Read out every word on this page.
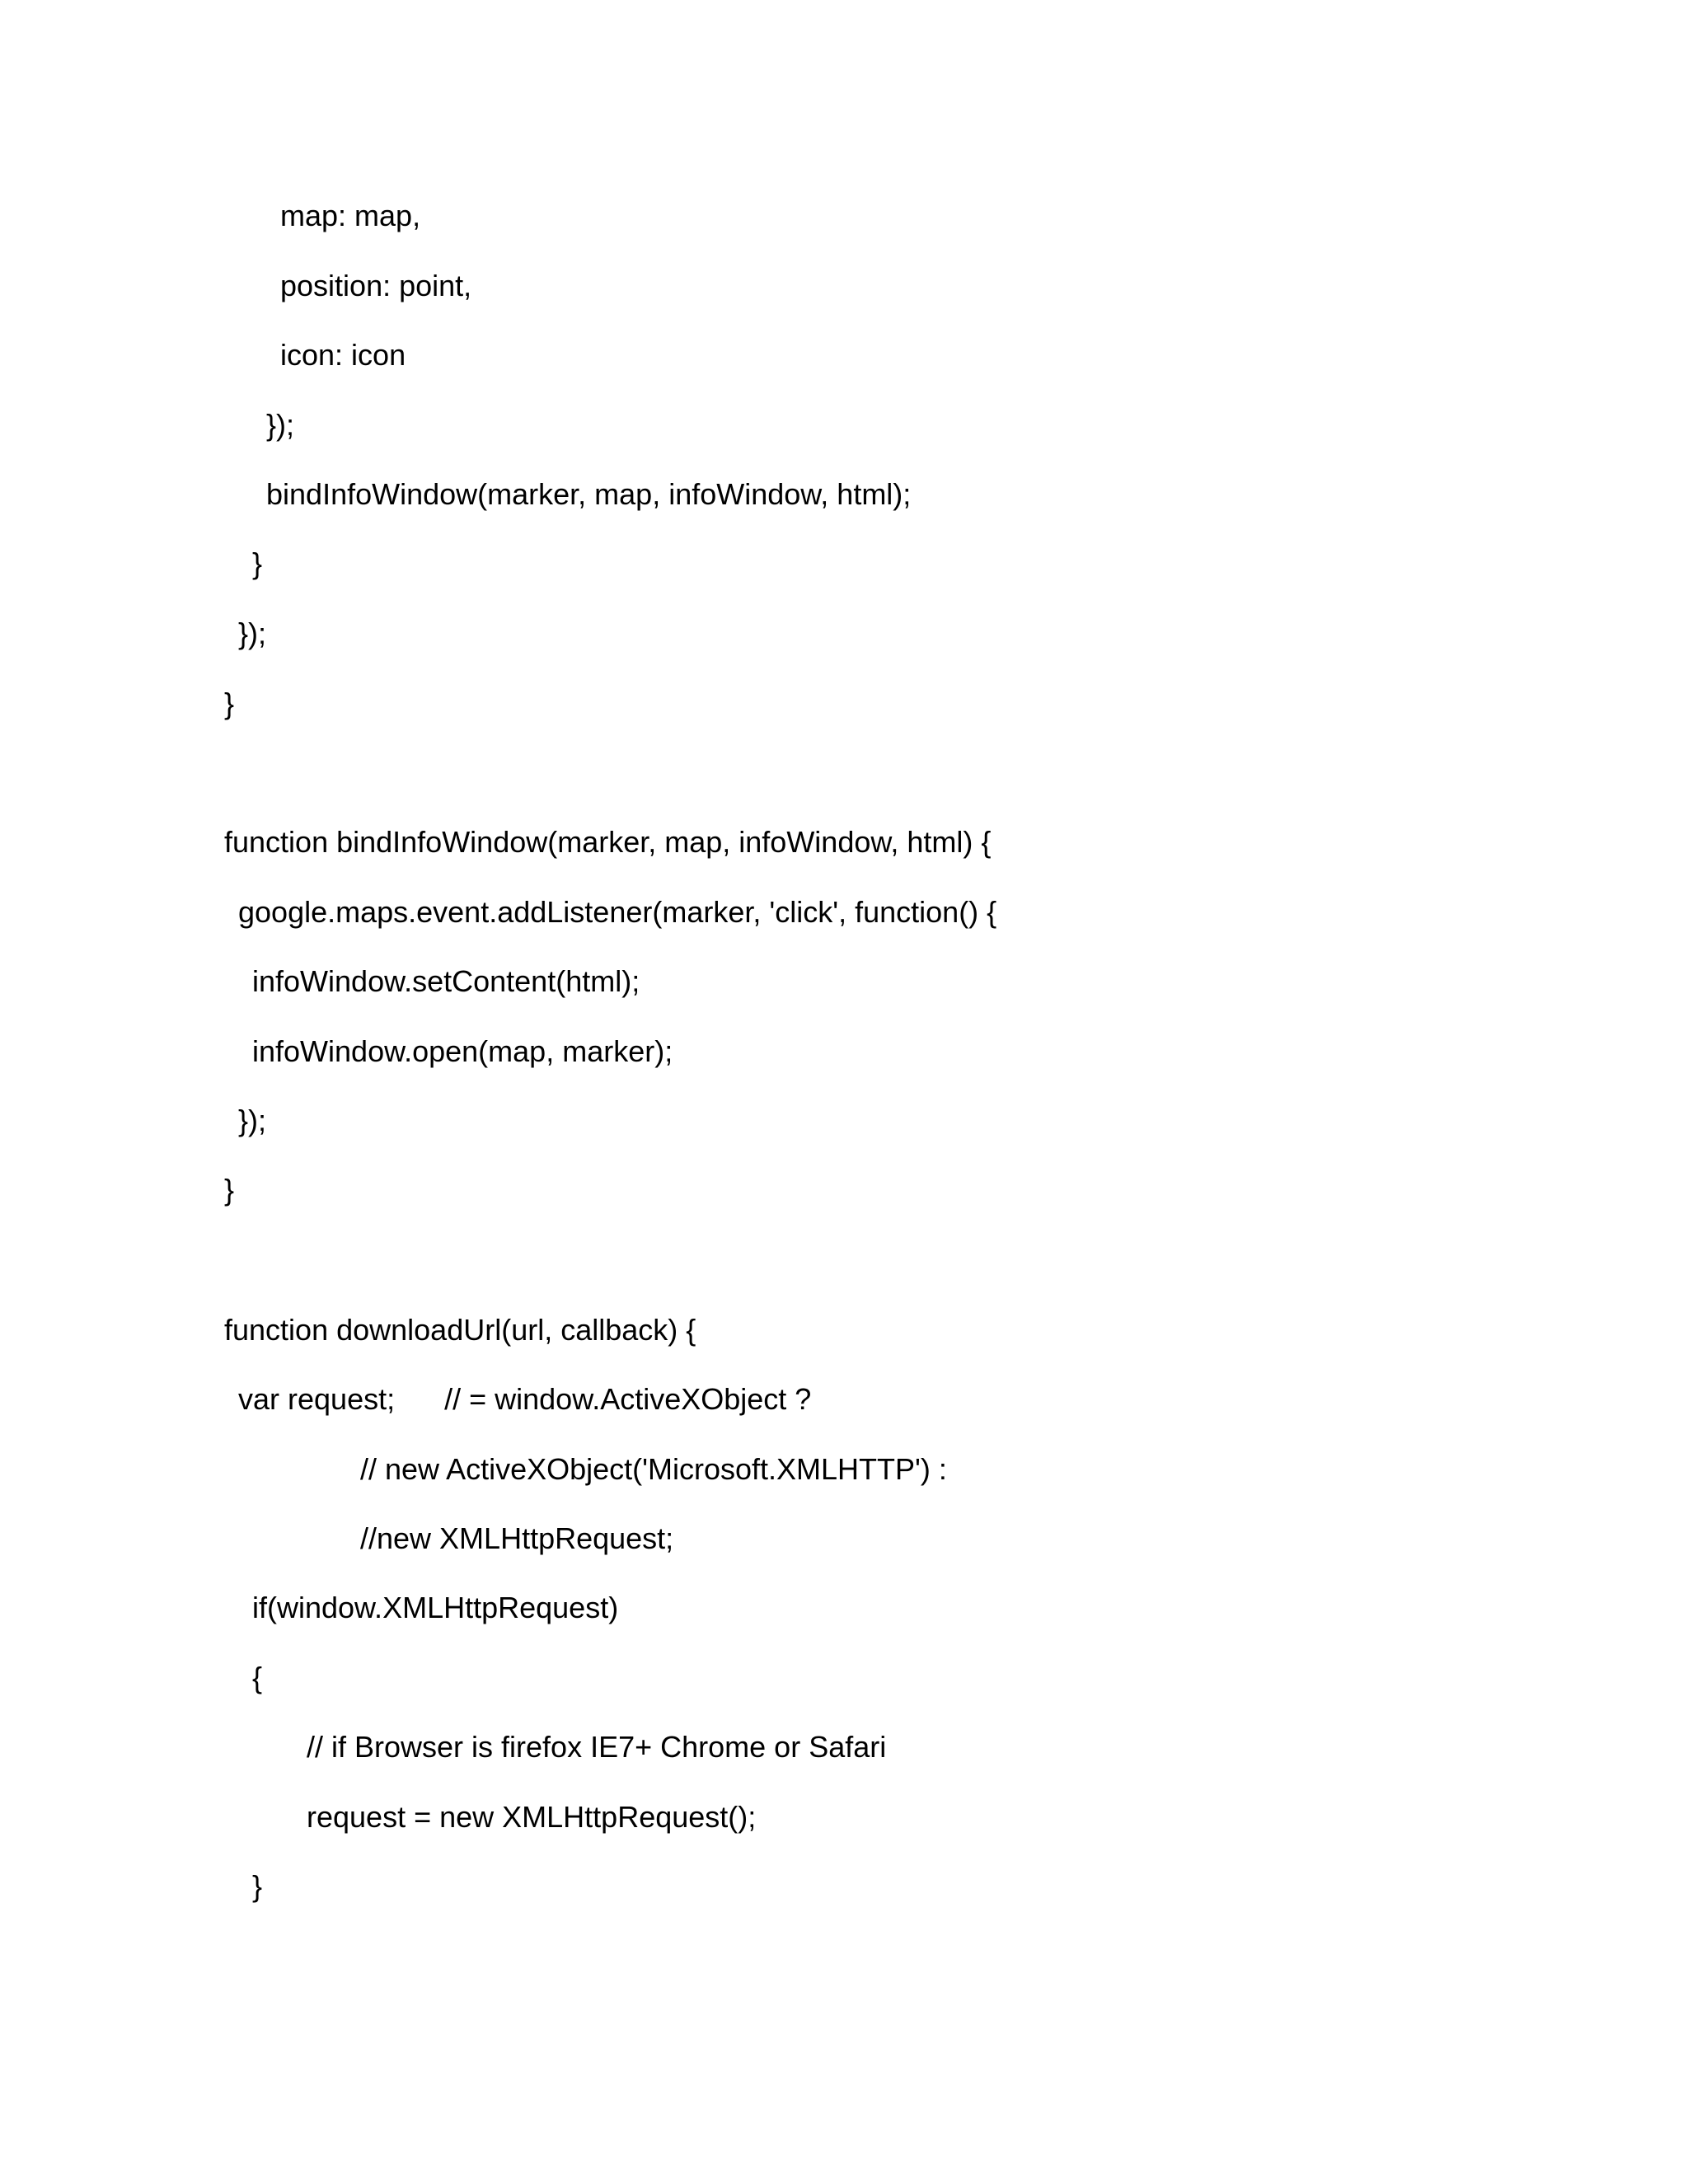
map: map,
position: point,
icon: icon
});
bindInfoWindow(marker, map, infoWindow, html);
}
});
}
function bindInfoWindow(marker, map, infoWindow, html) {
google.maps.event.addListener(marker, 'click', function() {
infoWindow.setContent(html);
infoWindow.open(map, marker);
});
}
function downloadUrl(url, callback) {
var request;      // = window.ActiveXObject ?
// new ActiveXObject('Microsoft.XMLHTTP') :
//new XMLHttpRequest;
if(window.XMLHttpRequest)
{
// if Browser is firefox IE7+ Chrome or Safari
request = new XMLHttpRequest();
}
